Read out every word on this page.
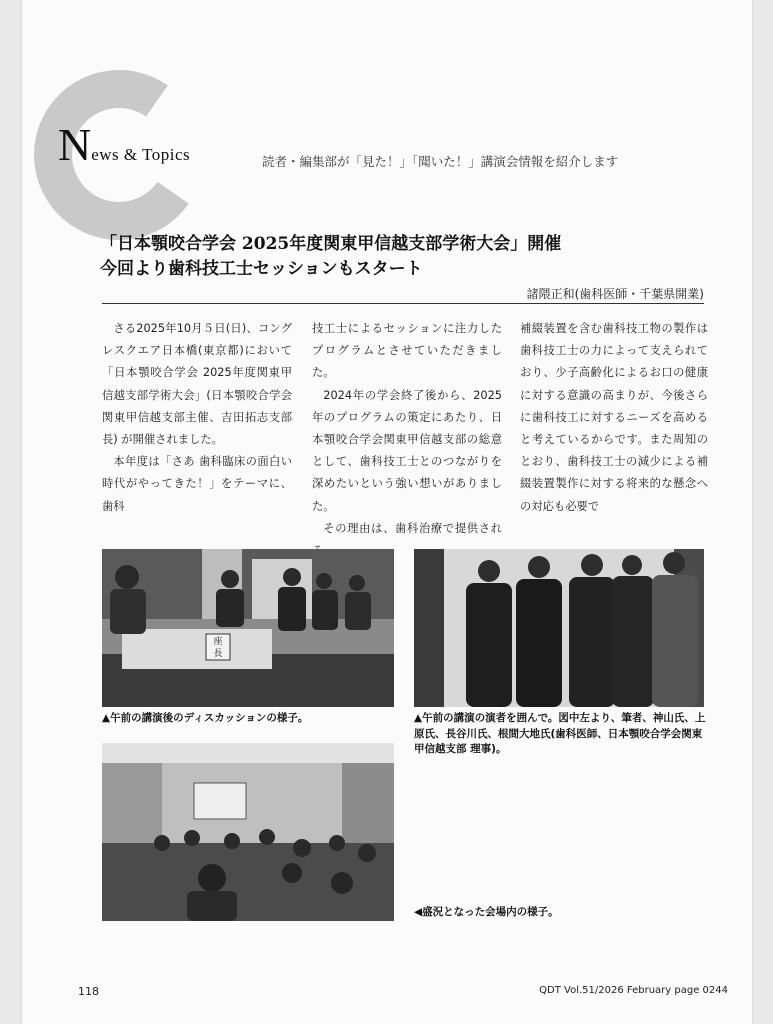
News & Topics	読者・編集部が「見た！」「聞いた！」講演会情報を紹介します
「日本顎咬合学会 2025年度関東甲信越支部学術大会」開催
今回より歯科技工士セッションもスタート
諸隈正和(歯科医師・千葉県開業)

さる2025年10月５日(日)、コングレスクエア日本橋(東京都)において「日本顎咬合学会 2025年度関東甲信越支部学術大会」(日本顎咬合学会関東甲信越支部主催、吉田拓志支部長) が開催されました。

本年度は「さあ 歯科臨床の面白い時代がやってきた！」をテーマに、歯科

技工士によるセッションに注力したプログラムとさせていただきました。

2024年の学会終了後から、2025年のプログラムの策定にあたり、日本顎咬合学会関東甲信越支部の総意として、歯科技工士とのつながりを深めたいという強い想いがありました。

その理由は、歯科治療で提供され

補綴装置を含む歯科技工物の製作は歯科技工士の力によって支えられており、少子高齢化によるお口の健康に対する意識の高まりが、今後さらに歯科技工に対するニーズを高めると考えているからです。また周知のとおり、歯科技工士の減少による補綴装置製作に対する将来的な懸念への対応も必要で

座
長
▲午前の講演後のディスカッションの様子。	▲午前の講演の演者を囲んで。図中左より、筆者、神山氏、上原氏、長谷川氏、根間大地氏(歯科医師、日本顎咬合学会関東甲信越支部 理事)。
◀盛況となった会場内の様子。
118	QDT Vol.51/2026 February page 0244
